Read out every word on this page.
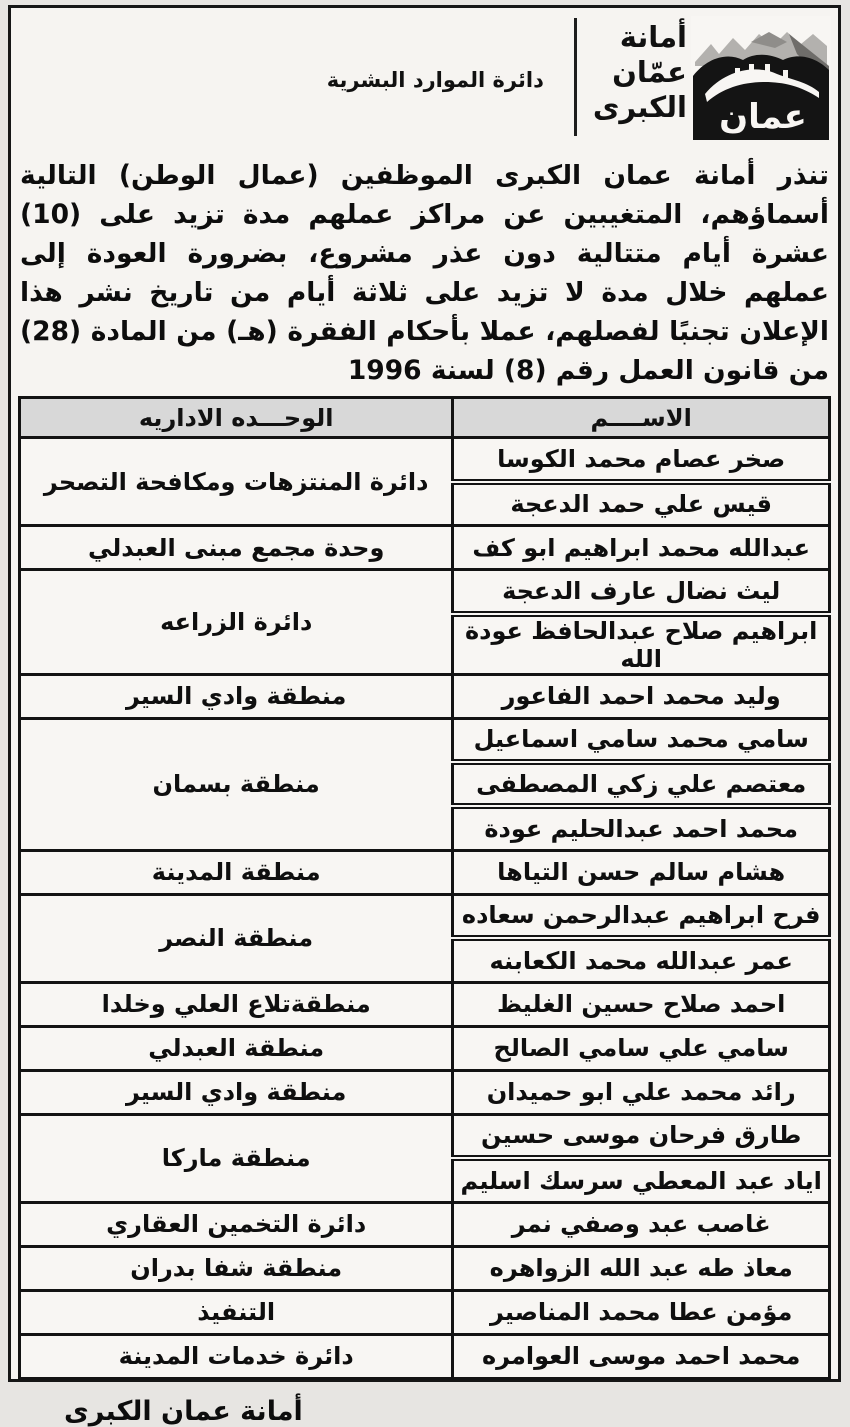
عمان
أمانة
عمّان
الكبرى
دائرة الموارد البشرية

تنذر أمانة عمان الكبرى الموظفين (عمال الوطن) التالية أسماؤهم، المتغيبين عن مراكز عملهم مدة تزيد على (10) عشرة أيام متتالية دون عذر مشروع، بضرورة العودة إلى عملهم خلال مدة لا تزيد على ثلاثة أيام من تاريخ نشر هذا الإعلان تجنبًا لفصلهم، عملا بأحكام الفقرة (هـ) من المادة (28) من قانون العمل رقم (8) لسنة 1996

الاســــم	الوحـــده الاداريه
صخر عصام محمد الكوسا	دائرة المنتزهات ومكافحة التصحر
قيس علي حمد الدعجة	
عبدالله محمد ابراهيم ابو كف	وحدة مجمع مبنى العبدلي
ليث نضال عارف الدعجة	دائرة الزراعه
ابراهيم صلاح عبدالحافظ عودة الله	
وليد محمد احمد الفاعور	منطقة وادي السير
سامي محمد سامي اسماعيل	منطقة بسمان
معتصم علي زكي المصطفى	
محمد احمد عبدالحليم عودة	
هشام سالم حسن التياها	منطقة المدينة
فرح ابراهيم عبدالرحمن سعاده	منطقة النصر
عمر عبدالله محمد الكعابنه	
احمد صلاح حسين الغليظ	منطقةتلاع العلي وخلدا
سامي علي سامي الصالح	منطقة العبدلي
رائد محمد علي ابو حميدان	منطقة وادي السير
طارق فرحان موسى حسين	منطقة ماركا
اياد عبد المعطي سرسك اسليم	
غاصب عبد وصفي نمر	دائرة التخمين العقاري
معاذ طه عبد الله الزواهره	منطقة شفا بدران
مؤمن عطا محمد المناصير	التنفيذ
محمد احمد موسى العوامره	دائرة خدمات المدينة
أمانة عمان الكبرى
